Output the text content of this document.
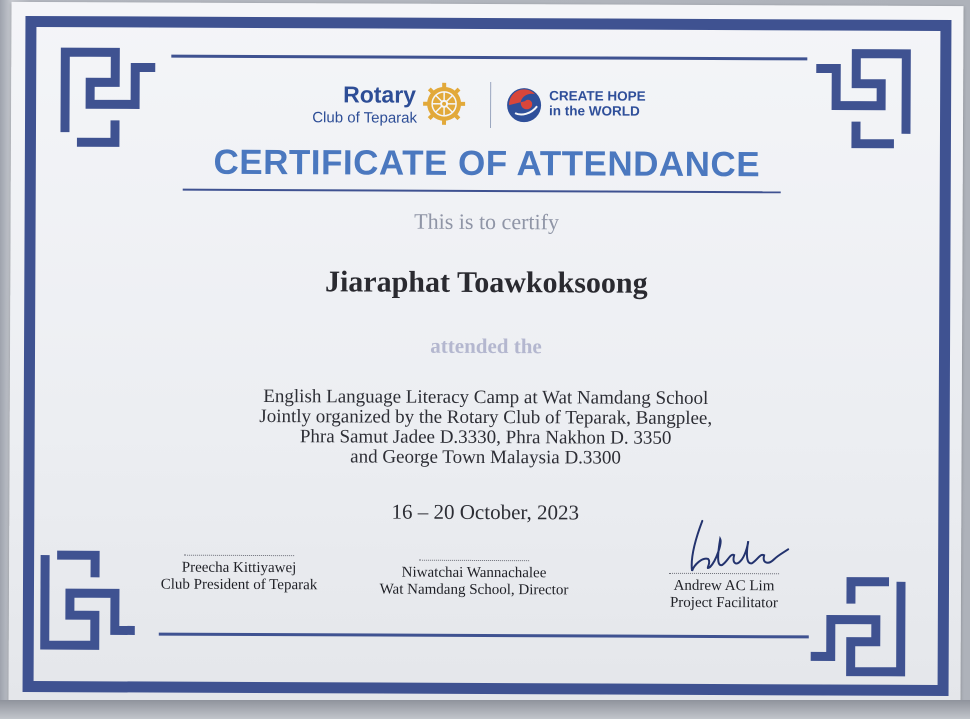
Rotary
Club of Teparak
CREATE HOPE
in the WORLD
CERTIFICATE OF ATTENDANCE
This is to certify
Jiaraphat Toawkoksoong
attended the
English Language Literacy Camp at Wat Namdang School
Jointly organized by the Rotary Club of Teparak, Bangplee,
Phra Samut Jadee D.3330, Phra Nakhon D. 3350
and George Town Malaysia D.3300
16 – 20 October, 2023
Preecha Kittiyawej
Club President of Teparak
Niwatchai Wannachalee
Wat Namdang School, Director	Andrew AC Lim
Project Facilitator
